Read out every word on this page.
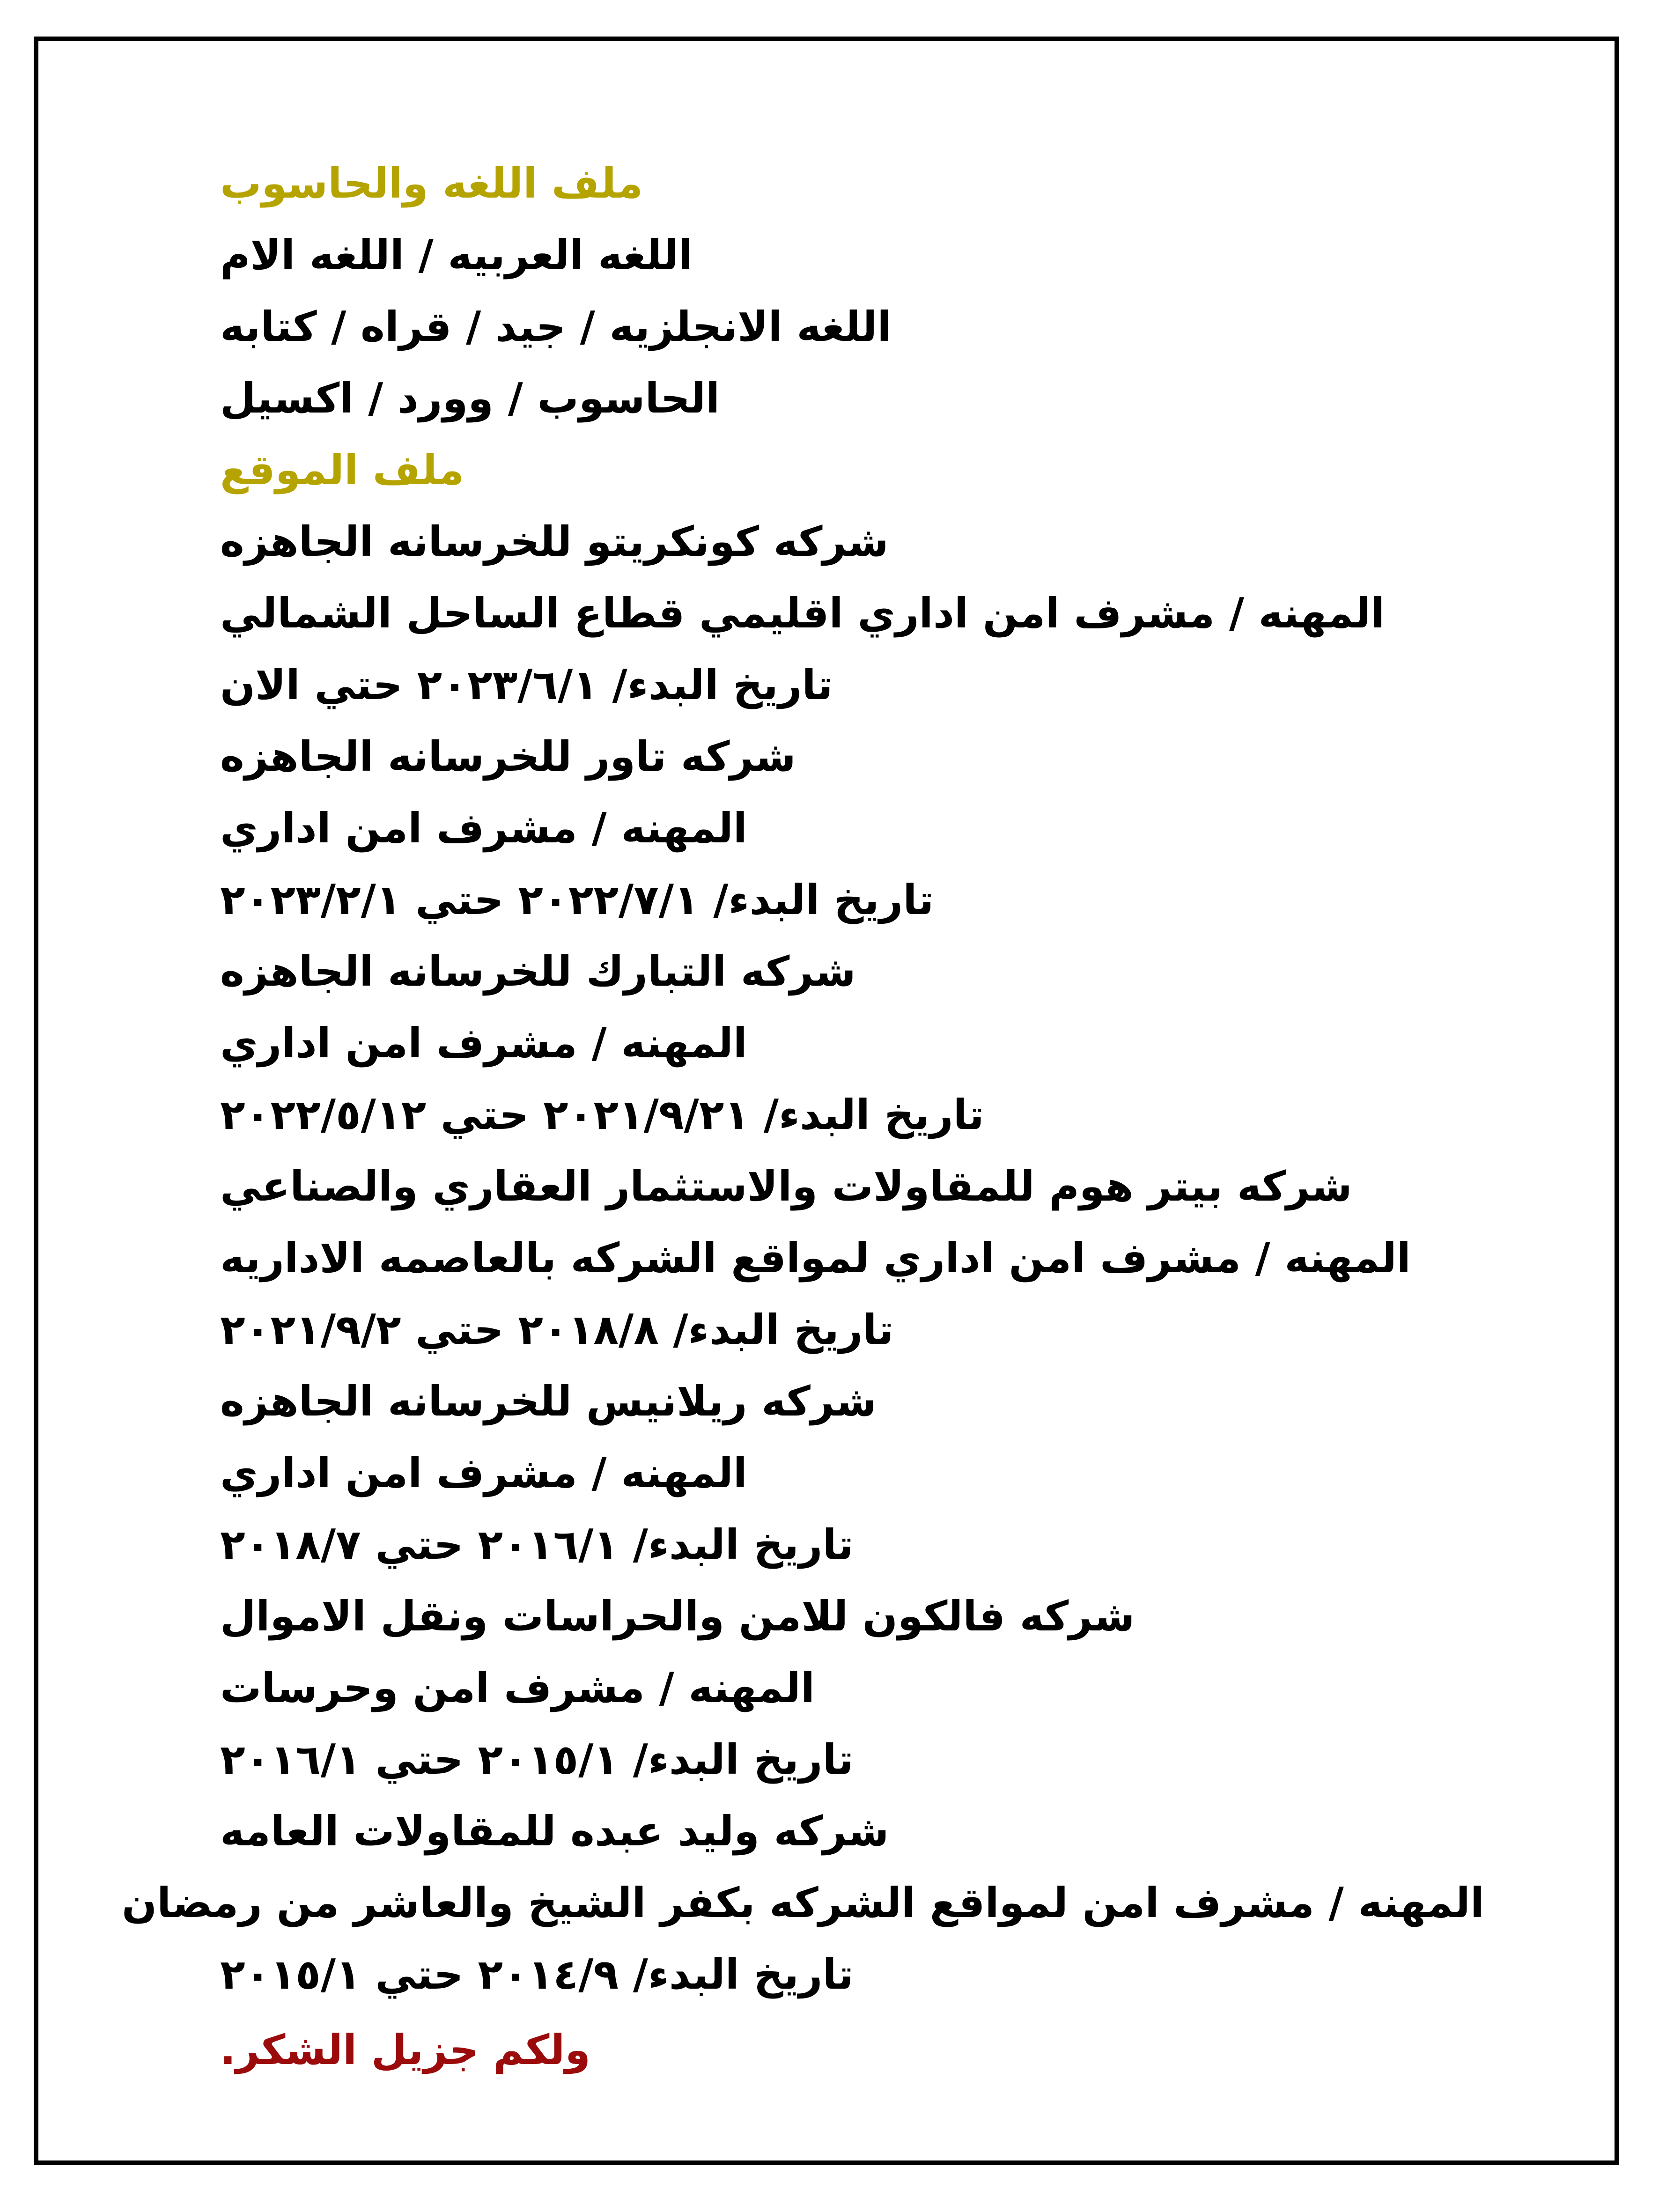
ملف اللغه والحاسوب
اللغه العربيه / اللغه الام
اللغه الانجلزيه / جيد / قراه / كتابه
الحاسوب / وورد / اكسيل
ملف الموقع
شركه كونكريتو للخرسانه الجاهزه
المهنه / مشرف امن اداري اقليمي قطاع الساحل الشمالي
تاريخ البدء/ ٢٠٢٣/٦/١ حتي الان
شركه تاور للخرسانه الجاهزه
المهنه / مشرف امن اداري
تاريخ البدء/ ٢٠٢٢/٧/١ حتي ٢٠٢٣/٢/١
شركه التبارك للخرسانه الجاهزه
المهنه / مشرف امن اداري
تاريخ البدء/ ٢٠٢١/٩/٢١ حتي ٢٠٢٢/٥/١٢
شركه بيتر هوم للمقاولات والاستثمار العقاري والصناعي
المهنه / مشرف امن اداري لمواقع الشركه بالعاصمه الاداريه
تاريخ البدء/ ٢٠١٨/٨ حتي ٢٠٢١/٩/٢
شركه ريلانيس للخرسانه الجاهزه
المهنه / مشرف امن اداري
تاريخ البدء/ ٢٠١٦/١ حتي ٢٠١٨/٧
شركه فالكون للامن والحراسات ونقل الاموال
المهنه / مشرف امن وحرسات
تاريخ البدء/ ٢٠١٥/١ حتي ٢٠١٦/١
شركه وليد عبده للمقاولات العامه
المهنه / مشرف امن لمواقع الشركه بكفر الشيخ والعاشر من رمضان
تاريخ البدء/ ٢٠١٤/٩ حتي ٢٠١٥/١
ولكم جزيل الشكر.
